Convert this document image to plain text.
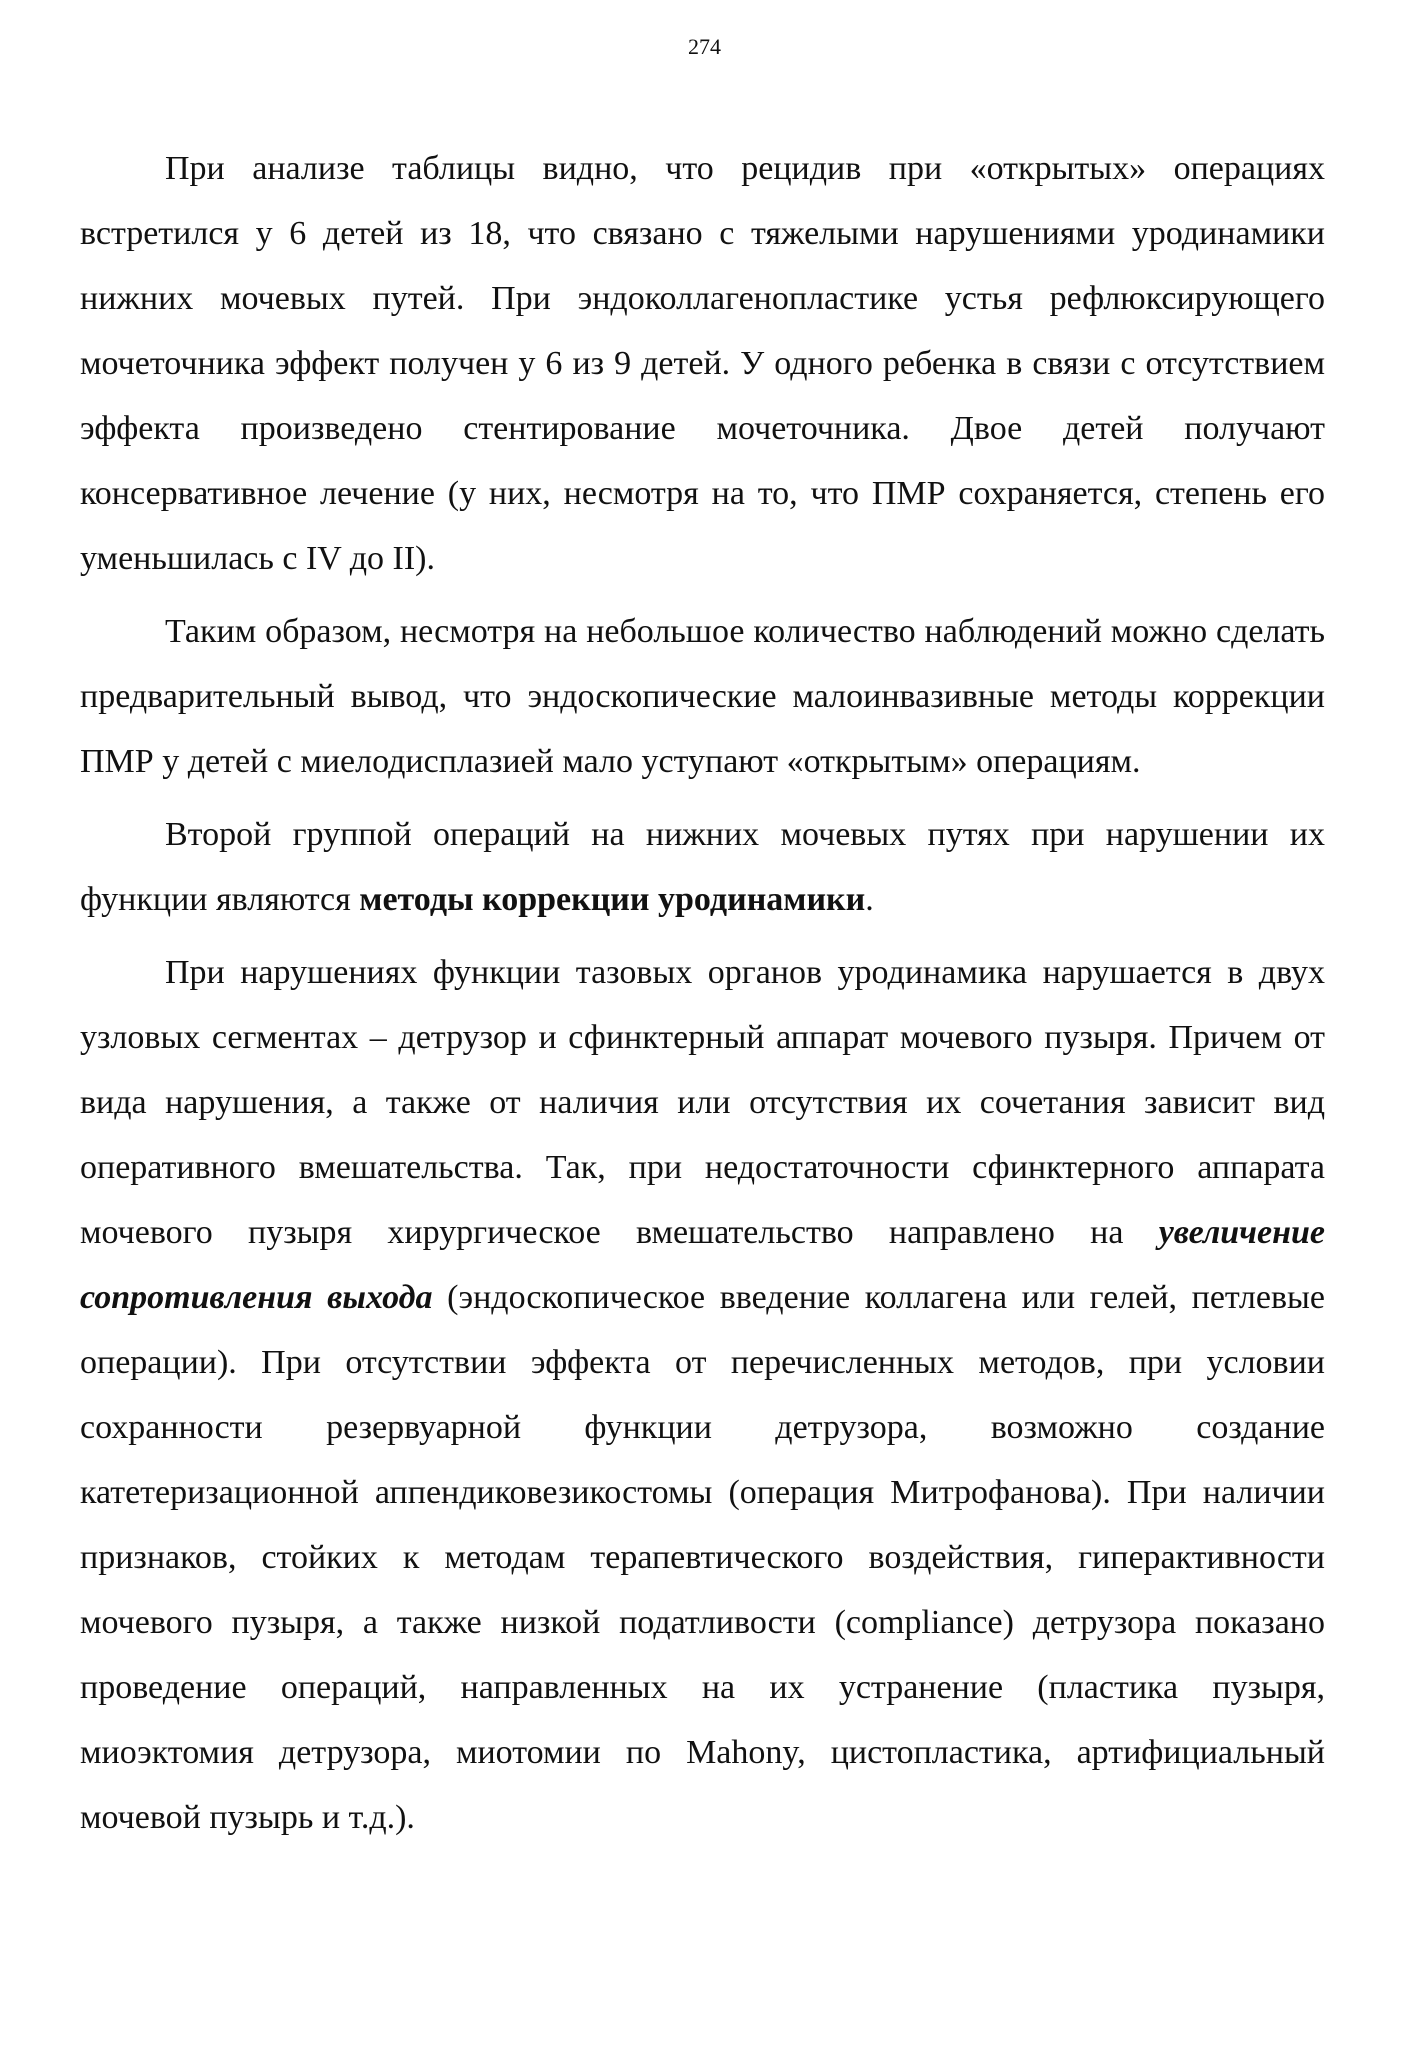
274

При анализе таблицы видно, что рецидив при «открытых» операциях встретился у 6 детей из 18, что связано с тяжелыми нарушениями уродинамики нижних мочевых путей. При эндоколлагенопластике устья рефлюксирующего мочеточника эффект получен у 6 из 9 детей. У одного ребенка в связи с отсутствием эффекта произведено стентирование мочеточника. Двое детей получают консервативное лечение (у них, несмотря на то, что ПМР сохраняется, степень его уменьшилась с IV до II).

Таким образом, несмотря на небольшое количество наблюдений можно сделать предварительный вывод, что эндоскопические малоинвазивные методы коррекции ПМР у детей с миелодисплазией мало уступают «открытым» операциям.

Второй группой операций на нижних мочевых путях при нарушении их функции являются методы коррекции уродинамики.

При нарушениях функции тазовых органов уродинамика нарушается в двух узловых сегментах – детрузор и сфинктерный аппарат мочевого пузыря. Причем от вида нарушения, а также от наличия или отсутствия их сочетания зависит вид оперативного вмешательства. Так, при недостаточности сфинктерного аппарата мочевого пузыря хирургическое вмешательство направлено на увеличение сопротивления выхода (эндоскопическое введение коллагена или гелей, петлевые операции). При отсутствии эффекта от перечисленных методов, при условии сохранности резервуарной функции детрузора, возможно создание катетеризационной аппендиковезикостомы (операция Митрофанова). При наличии признаков, стойких к методам терапевтического воздействия, гиперактивности мочевого пузыря, а также низкой податливости (compliance) детрузора показано проведение операций, направленных на их устранение (пластика пузыря, миоэктомия детрузора, миотомии по Mahony, цистопластика, артифициальный мочевой пузырь и т.д.).
